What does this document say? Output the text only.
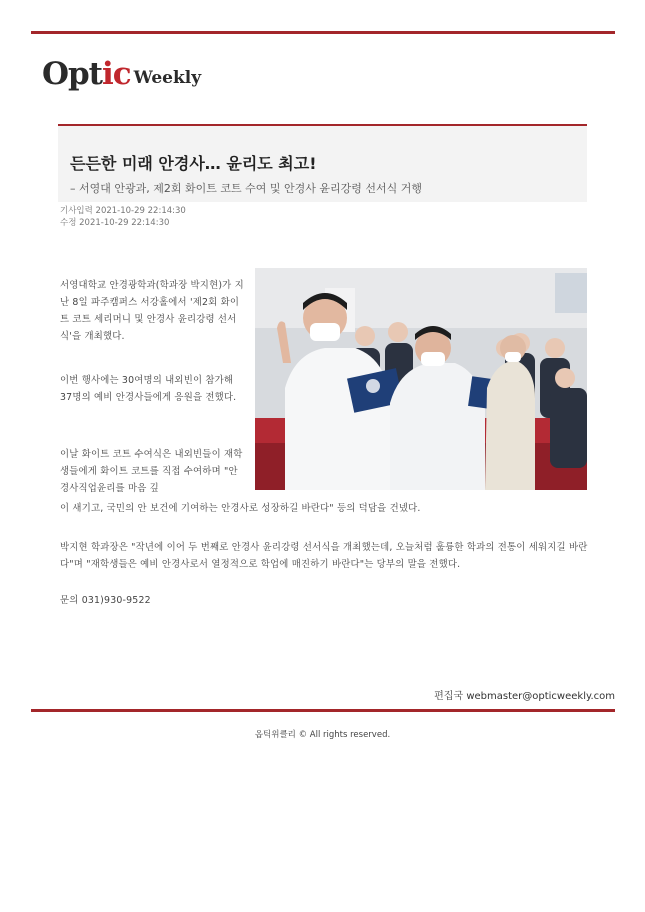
Optic Weekly
든든한 미래 안경사… 윤리도 최고!
– 서영대 안광과, 제2회 화이트 코트 수여 및 안경사 윤리강령 선서식 거행
기사입력 2021-10-29 22:14:30
수정 2021-10-29 22:14:30
서영대학교 안경광학과(학과장 박지현)가 지난 8일 파주캠퍼스 서강홀에서 '제2회 화이트 코트 세리머니 및 안경사 윤리강령 선서식'을 개최했다.
이번 행사에는 30여명의 내외빈이 참가해 37명의 예비 안경사들에게 응원을 전했다.
이날 화이트 코트 수여식은 내외빈들이 재학생들에게 화이트 코트를 직접 수여하며 "안경사직업윤리를 마음 깊
이 새기고, 국민의 안 보건에 기여하는 안경사로 성장하길 바란다" 등의 덕담을 건넸다.
박지현 학과장은 "작년에 이어 두 번째로 안경사 윤리강령 선서식을 개최했는데, 오늘처럼 훌륭한 학과의 전통이 세워지길 바란다"며 "재학생들은 예비 안경사로서 열정적으로 학업에 매진하기 바란다"는 당부의 말을 전했다.
문의 031)930-9522
편집국 webmaster@opticweekly.com
옵틱위클리 © All rights reserved.
